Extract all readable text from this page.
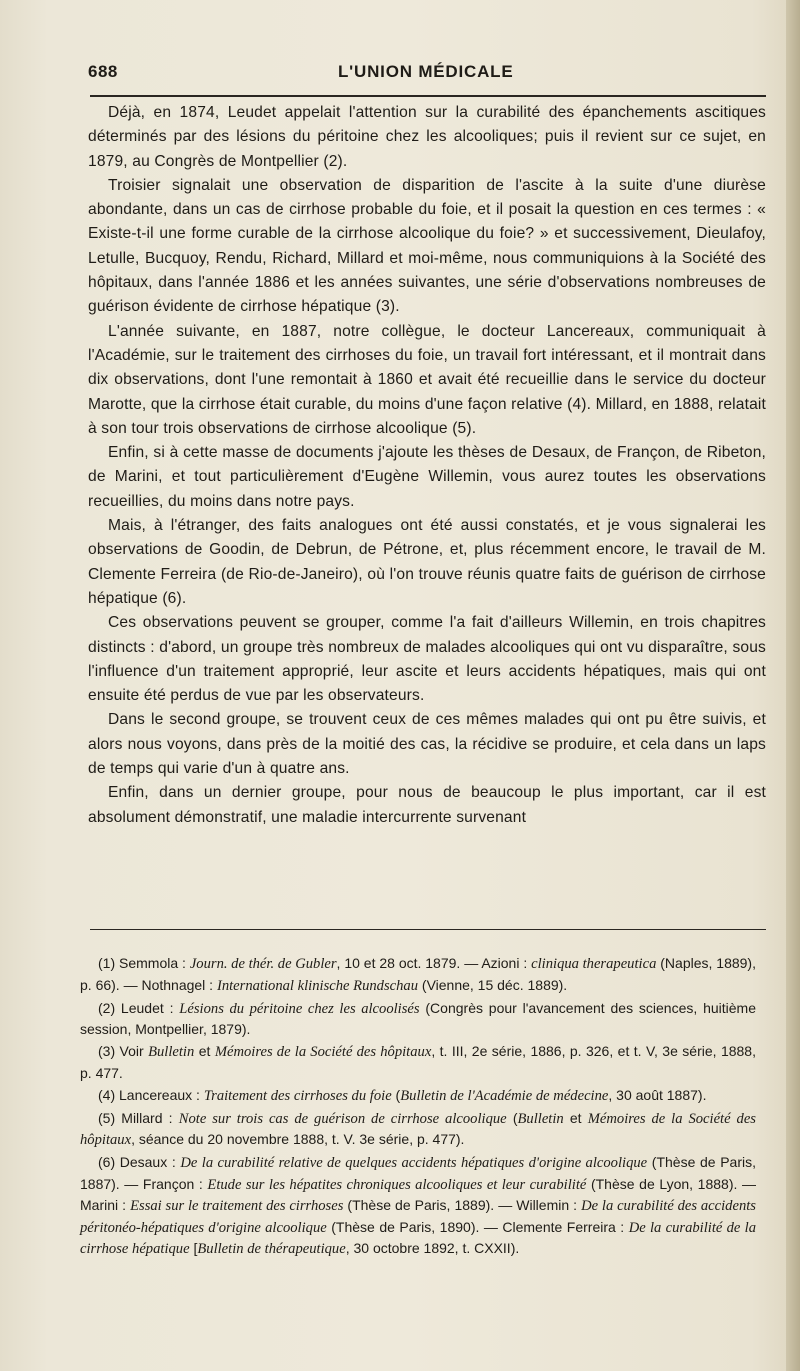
688	L'UNION MÉDICALE

Déjà, en 1874, Leudet appelait l'attention sur la curabilité des épanchements ascitiques déterminés par des lésions du péritoine chez les alcooliques; puis il revient sur ce sujet, en 1879, au Congrès de Montpellier (2).

Troisier signalait une observation de disparition de l'ascite à la suite d'une diurèse abondante, dans un cas de cirrhose probable du foie, et il posait la question en ces termes : « Existe-t-il une forme curable de la cirrhose alcoolique du foie? » et successivement, Dieulafoy, Letulle, Bucquoy, Rendu, Richard, Millard et moi-même, nous communiquions à la Société des hôpitaux, dans l'année 1886 et les années suivantes, une série d'observations nombreuses de guérison évidente de cirrhose hépatique (3).

L'année suivante, en 1887, notre collègue, le docteur Lancereaux, communiquait à l'Académie, sur le traitement des cirrhoses du foie, un travail fort intéressant, et il montrait dans dix observations, dont l'une remontait à 1860 et avait été recueillie dans le service du docteur Marotte, que la cirrhose était curable, du moins d'une façon relative (4). Millard, en 1888, relatait à son tour trois observations de cirrhose alcoolique (5).

Enfin, si à cette masse de documents j'ajoute les thèses de Desaux, de Françon, de Ribeton, de Marini, et tout particulièrement d'Eugène Willemin, vous aurez toutes les observations recueillies, du moins dans notre pays.

Mais, à l'étranger, des faits analogues ont été aussi constatés, et je vous signalerai les observations de Goodin, de Debrun, de Pétrone, et, plus récemment encore, le travail de M. Clemente Ferreira (de Rio-de-Janeiro), où l'on trouve réunis quatre faits de guérison de cirrhose hépatique (6).

Ces observations peuvent se grouper, comme l'a fait d'ailleurs Willemin, en trois chapitres distincts : d'abord, un groupe très nombreux de malades alcooliques qui ont vu disparaître, sous l'influence d'un traitement approprié, leur ascite et leurs accidents hépatiques, mais qui ont ensuite été perdus de vue par les observateurs.

Dans le second groupe, se trouvent ceux de ces mêmes malades qui ont pu être suivis, et alors nous voyons, dans près de la moitié des cas, la récidive se produire, et cela dans un laps de temps qui varie d'un à quatre ans.

Enfin, dans un dernier groupe, pour nous de beaucoup le plus important, car il est absolument démonstratif, une maladie intercurrente survenant

(1) Semmola : Journ. de thér. de Gubler, 10 et 28 oct. 1879. — Azioni : cliniqua therapeutica (Naples, 1889), p. 66). — Nothnagel : International klinische Rundschau (Vienne, 15 déc. 1889).

(2) Leudet : Lésions du péritoine chez les alcoolisés (Congrès pour l'avancement des sciences, huitième session, Montpellier, 1879).

(3) Voir Bulletin et Mémoires de la Société des hôpitaux, t. III, 2e série, 1886, p. 326, et t. V, 3e série, 1888, p. 477.

(4) Lancereaux : Traitement des cirrhoses du foie (Bulletin de l'Académie de médecine, 30 août 1887).

(5) Millard : Note sur trois cas de guérison de cirrhose alcoolique (Bulletin et Mémoires de la Société des hôpitaux, séance du 20 novembre 1888, t. V. 3e série, p. 477).

(6) Desaux : De la curabilité relative de quelques accidents hépatiques d'origine alcoolique (Thèse de Paris, 1887). — Françon : Etude sur les hépatites chroniques alcooliques et leur curabilité (Thèse de Lyon, 1888). — Marini : Essai sur le traitement des cirrhoses (Thèse de Paris, 1889). — Willemin : De la curabilité des accidents péritonéo-hépatiques d'origine alcoolique (Thèse de Paris, 1890). — Clemente Ferreira : De la curabilité de la cirrhose hépatique [Bulletin de thérapeutique, 30 octobre 1892, t. CXXII).
